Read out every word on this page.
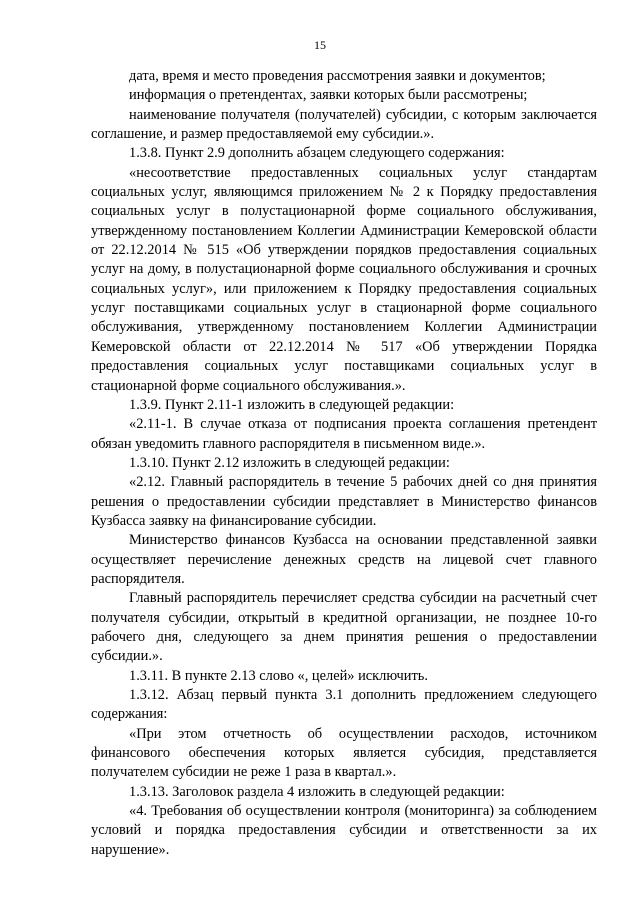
15

дата, время и место проведения рассмотрения заявки и документов;

информация о претендентах, заявки которых были рассмотрены;

наименование получателя (получателей) субсидии, с которым заключается соглашение, и размер предоставляемой ему субсидии.».

1.3.8. Пункт 2.9 дополнить абзацем следующего содержания:

«несоответствие предоставленных социальных услуг стандартам социальных услуг, являющимся приложением № 2 к Порядку предоставления социальных услуг в полустационарной форме социального обслуживания, утвержденному постановлением Коллегии Администрации Кемеровской области от 22.12.2014 № 515 «Об утверждении порядков предоставления социальных услуг на дому, в полустационарной форме социального обслуживания и срочных социальных услуг», или приложением к Порядку предоставления социальных услуг поставщиками социальных услуг в стационарной форме социального обслуживания, утвержденному постановлением Коллегии Администрации Кемеровской области от 22.12.2014 № 517 «Об утверждении Порядка предоставления социальных услуг поставщиками социальных услуг в стационарной форме социального обслуживания.».

1.3.9. Пункт 2.11-1 изложить в следующей редакции:

«2.11-1. В случае отказа от подписания проекта соглашения претендент обязан уведомить главного распорядителя в письменном виде.».

1.3.10. Пункт 2.12 изложить в следующей редакции:

«2.12. Главный распорядитель в течение 5 рабочих дней со дня принятия решения о предоставлении субсидии представляет в Министерство финансов Кузбасса заявку на финансирование субсидии.

Министерство финансов Кузбасса на основании представленной заявки осуществляет перечисление денежных средств на лицевой счет главного распорядителя.

Главный распорядитель перечисляет средства субсидии на расчетный счет получателя субсидии, открытый в кредитной организации, не позднее 10-го рабочего дня, следующего за днем принятия решения о предоставлении субсидии.».

1.3.11. В пункте 2.13 слово «, целей» исключить.

1.3.12. Абзац первый пункта 3.1 дополнить предложением следующего содержания:

«При этом отчетность об осуществлении расходов, источником финансового обеспечения которых является субсидия, представляется получателем субсидии не реже 1 раза в квартал.».

1.3.13. Заголовок раздела 4 изложить в следующей редакции:

«4. Требования об осуществлении контроля (мониторинга) за соблюдением условий и порядка предоставления субсидии и ответственности за их нарушение».
